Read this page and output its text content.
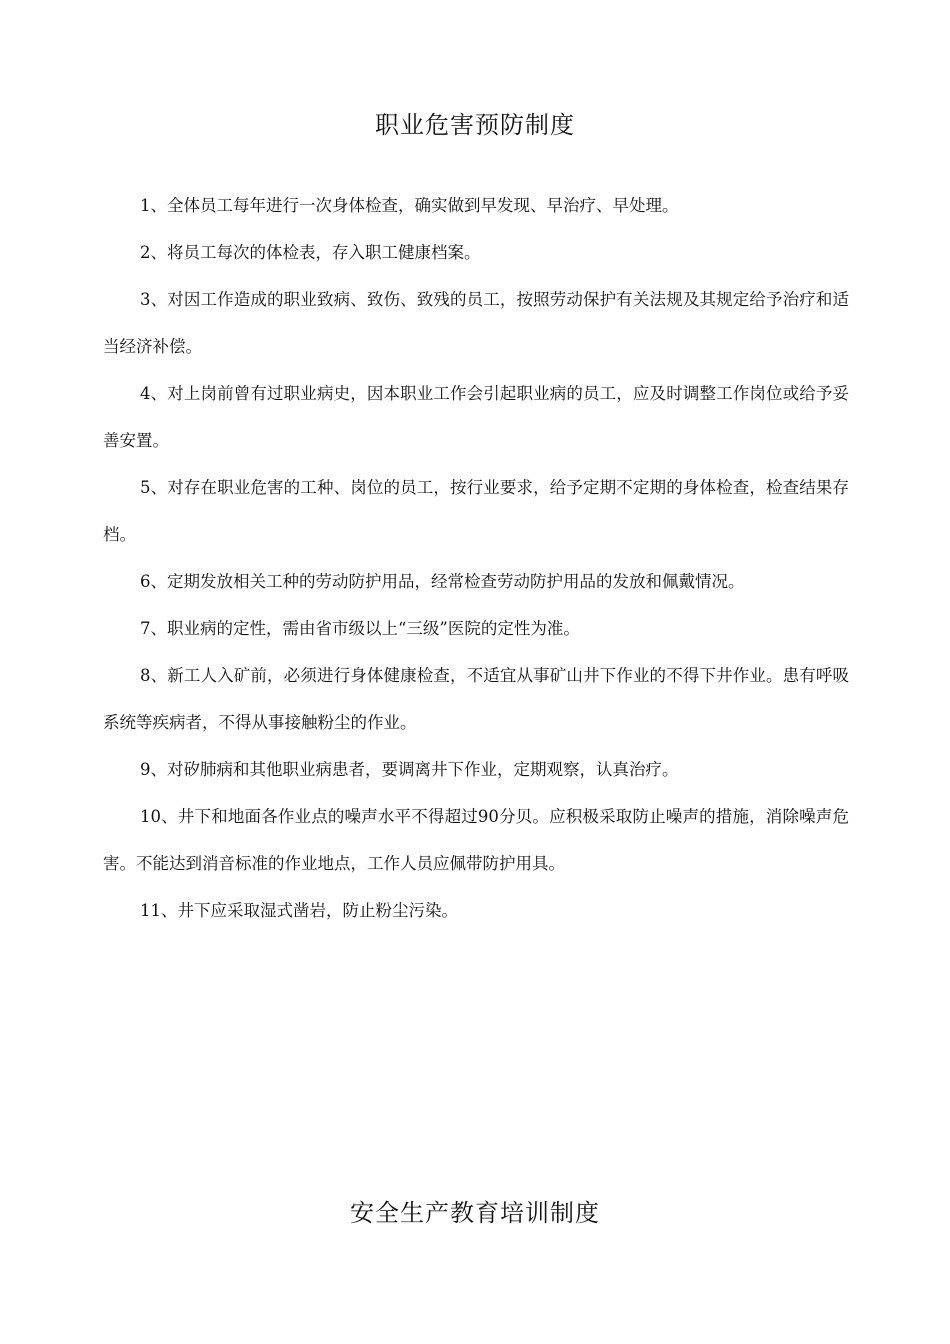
职业危害预防制度

1、全体员工每年进行一次身体检查，确实做到早发现、早治疗、早处理。

2、将员工每次的体检表，存入职工健康档案。

3、对因工作造成的职业致病、致伤、致残的员工，按照劳动保护有关法规及其规定给予治疗和适当经济补偿。

4、对上岗前曾有过职业病史，因本职业工作会引起职业病的员工，应及时调整工作岗位或给予妥善安置。

5、对存在职业危害的工种、岗位的员工，按行业要求，给予定期不定期的身体检查，检查结果存档。

6、定期发放相关工种的劳动防护用品，经常检查劳动防护用品的发放和佩戴情况。

7、职业病的定性，需由省市级以上“三级”医院的定性为准。

8、新工人入矿前，必须进行身体健康检查，不适宜从事矿山井下作业的不得下井作业。患有呼吸系统等疾病者，不得从事接触粉尘的作业。

9、对矽肺病和其他职业病患者，要调离井下作业，定期观察，认真治疗。

10、井下和地面各作业点的噪声水平不得超过90分贝。应积极采取防止噪声的措施，消除噪声危害。不能达到消音标准的作业地点，工作人员应佩带防护用具。

11、井下应采取湿式凿岩，防止粉尘污染。

安全生产教育培训制度
